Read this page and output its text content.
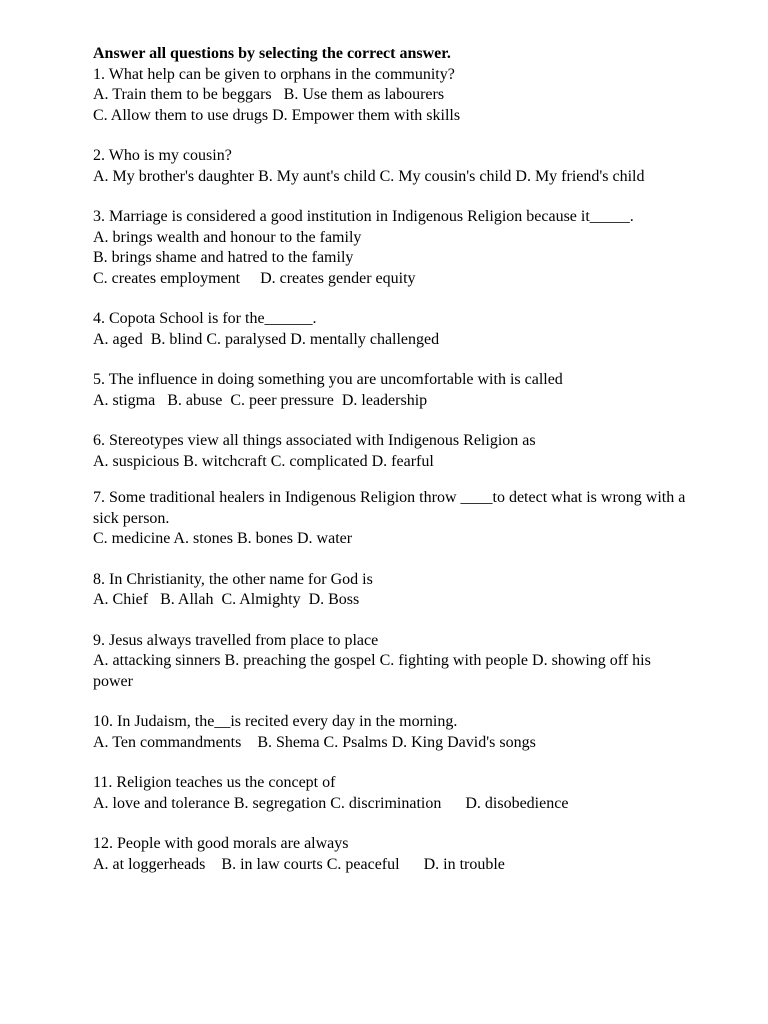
Answer all questions by selecting the correct answer.
1. What help can be given to orphans in the community?
A. Train them to be beggars   B. Use them as labourers
C. Allow them to use drugs D. Empower them with skills
2. Who is my cousin?
A. My brother's daughter B. My aunt's child C. My cousin's child D. My friend's child
3. Marriage is considered a good institution in Indigenous Religion because it_____.
A. brings wealth and honour to the family
B. brings shame and hatred to the family
C. creates employment     D. creates gender equity
4. Copota School is for the______.
A. aged  B. blind C. paralysed D. mentally challenged
5. The influence in doing something you are uncomfortable with is called
A. stigma   B. abuse  C. peer pressure  D. leadership
6. Stereotypes view all things associated with Indigenous Religion as
A. suspicious B. witchcraft C. complicated D. fearful
7. Some traditional healers in Indigenous Religion throw ____to detect what is wrong with a sick person.
C. medicine A. stones B. bones D. water
8. In Christianity, the other name for God is
A. Chief   B. Allah  C. Almighty  D. Boss
9. Jesus always travelled from place to place
A. attacking sinners B. preaching the gospel C. fighting with people D. showing off his power
10. In Judaism, the__is recited every day in the morning.
A. Ten commandments    B. Shema C. Psalms D. King David's songs
11. Religion teaches us the concept of
A. love and tolerance B. segregation C. discrimination      D. disobedience
12. People with good morals are always
A. at loggerheads    B. in law courts C. peaceful      D. in trouble
